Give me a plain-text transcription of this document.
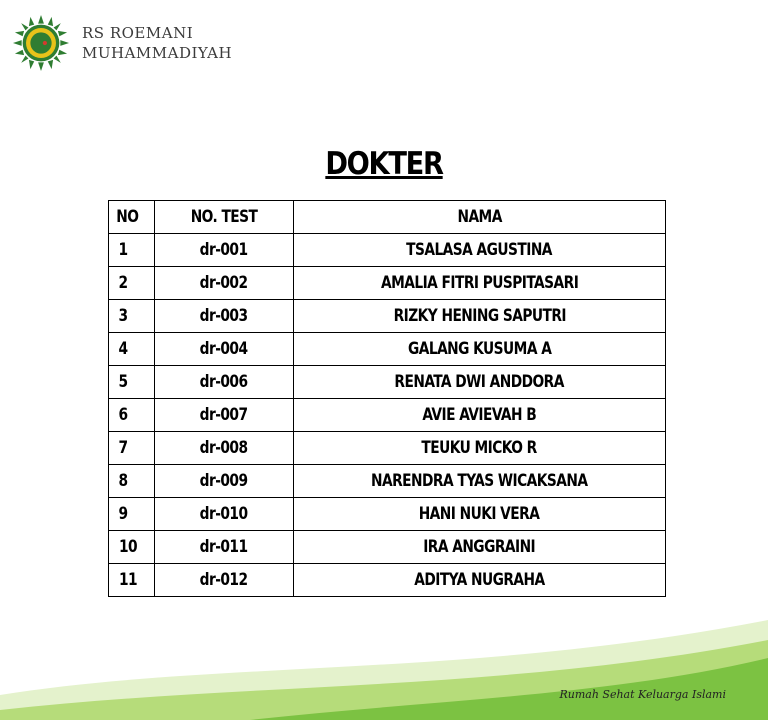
RS ROEMANI
MUHAMMADIYAH
DOKTER
NO	NO. TEST	NAMA
1	dr-001	TSALASA AGUSTINA
2	dr-002	AMALIA FITRI PUSPITASARI
3	dr-003	RIZKY HENING SAPUTRI
4	dr-004	GALANG KUSUMA A
5	dr-006	RENATA DWI ANDDORA
6	dr-007	AVIE AVIEVAH B
7	dr-008	TEUKU MICKO R
8	dr-009	NARENDRA TYAS WICAKSANA
9	dr-010	HANI NUKI VERA
10	dr-011	IRA ANGGRAINI
11	dr-012	ADITYA NUGRAHA
Rumah Sehat Keluarga Islami
